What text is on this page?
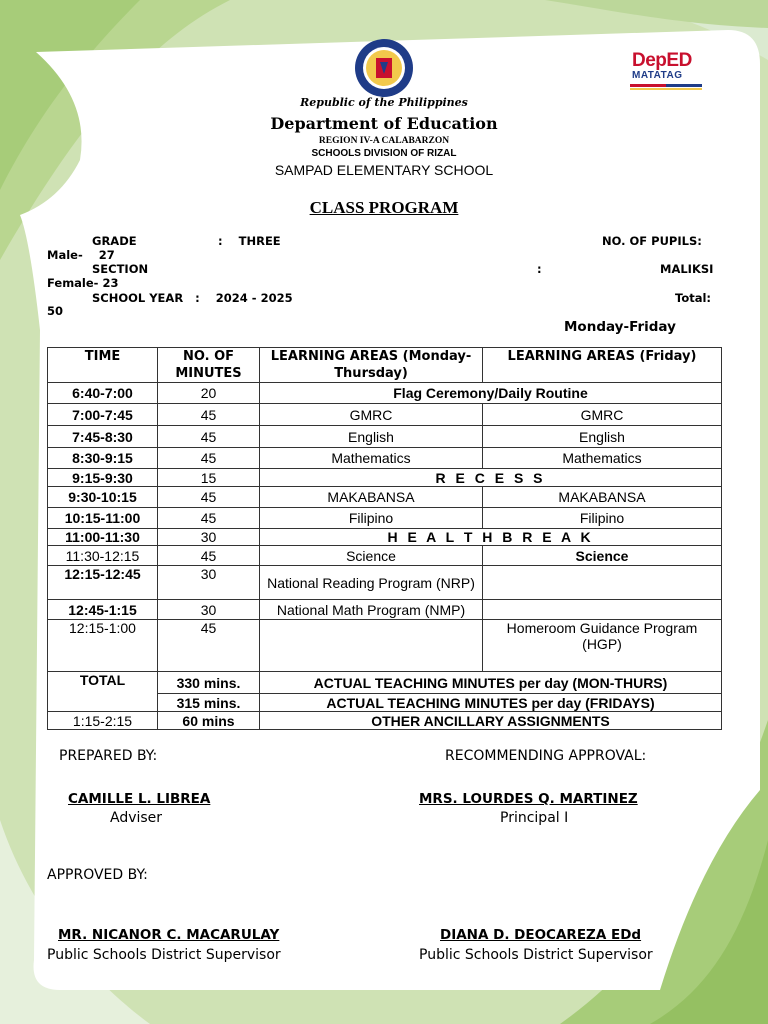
DepED
MATATAG
Republic of the Philippines
Department of Education
REGION IV-A CALABARZON
SCHOOLS DIVISION OF RIZAL
SAMPAD ELEMENTARY SCHOOL
CLASS PROGRAM
GRADE	:    THREE	NO. OF PUPILS:
Male-    27
SECTION	:	MALIKSI
Female- 23
SCHOOL YEAR   :    2024 - 2025	Total:
50
Monday-Friday
TIME	NO. OF MINUTES	LEARNING AREAS (Monday-Thursday)	LEARNING AREAS (Friday)
6:40-7:00	20	Flag Ceremony/Daily Routine	
7:00-7:45	45	GMRC	GMRC
7:45-8:30	45	English	English
8:30-9:15	45	Mathematics	Mathematics
9:15-9:30	15	R E C E S S	
9:30-10:15	45	MAKABANSA	MAKABANSA
10:15-11:00	45	Filipino	Filipino
11:00-11:30	30	H E A L T H B R E A K	
11:30-12:15	45	Science	Science
12:15-12:45	30	National Reading Program (NRP)	
12:45-1:15	30	National Math Program (NMP)	
12:15-1:00	45		Homeroom Guidance Program (HGP)
TOTAL	330 mins.	ACTUAL TEACHING MINUTES per day (MON-THURS)	
	315 mins.	ACTUAL TEACHING MINUTES per day (FRIDAYS)	
1:15-2:15	60 mins	OTHER ANCILLARY ASSIGNMENTS	
PREPARED BY:	RECOMMENDING APPROVAL:
CAMILLE L. LIBREA
Adviser
MRS. LOURDES Q. MARTINEZ
Principal I
APPROVED BY:
MR. NICANOR C. MACARULAY
Public Schools District Supervisor
DIANA D. DEOCAREZA EDd
Public Schools District Supervisor
